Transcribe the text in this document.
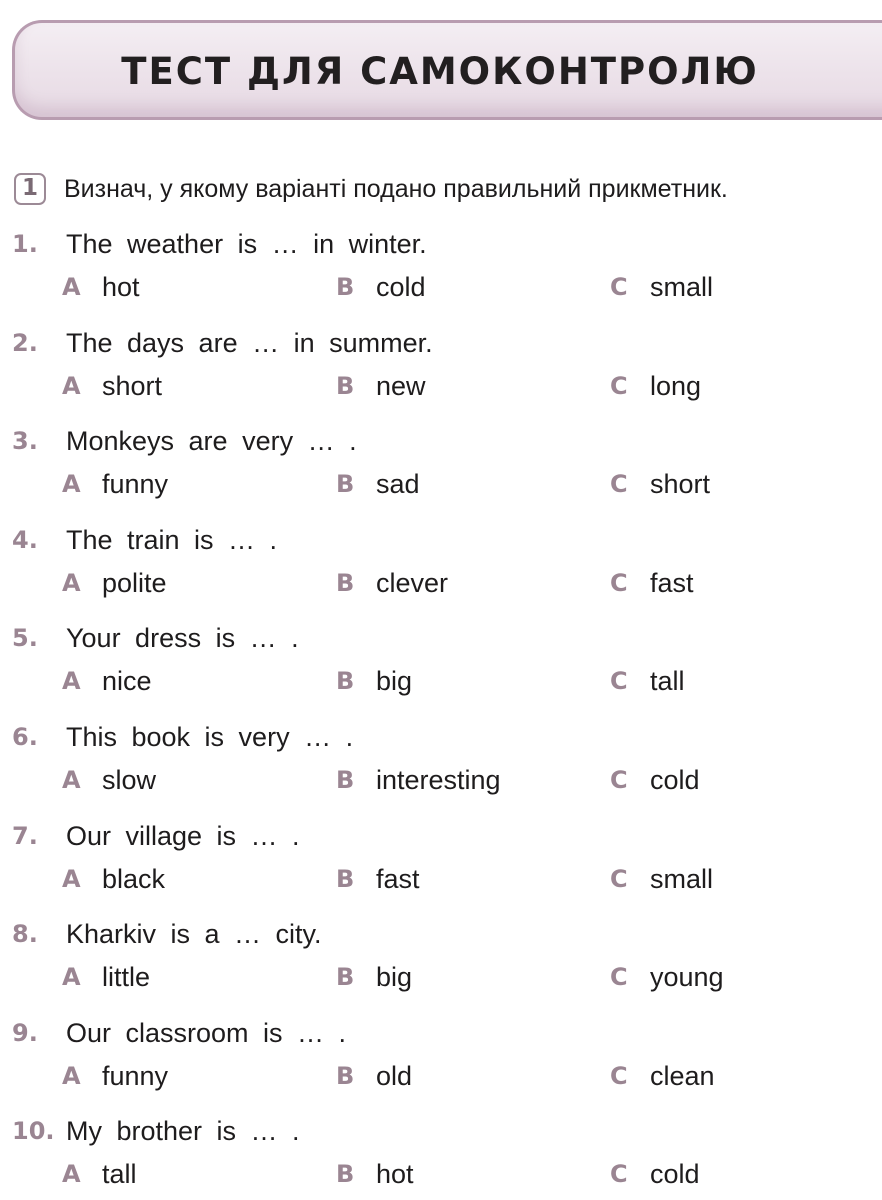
ТЕСТ ДЛЯ САМОКОНТРОЛЮ
1	Визнач, у якому варіанті подано правильний прикметник.
1.	The weather is … in winter.
A hot	B cold	C small
2.	The days are … in summer.
A short	B new	C long
3.	Monkeys are very … .
A funny	B sad	C short
4.	The train is … .
A polite	B clever	C fast
5.	Your dress is … .
A nice	B big	C tall
6.	This book is very … .
A slow	B interesting	C cold
7.	Our village is … .
A black	B fast	C small
8.	Kharkiv is a … city.
A little	B big	C young
9.	Our classroom is … .
A funny	B old	C clean
10. My brother is … .
A tall	B hot	C cold
